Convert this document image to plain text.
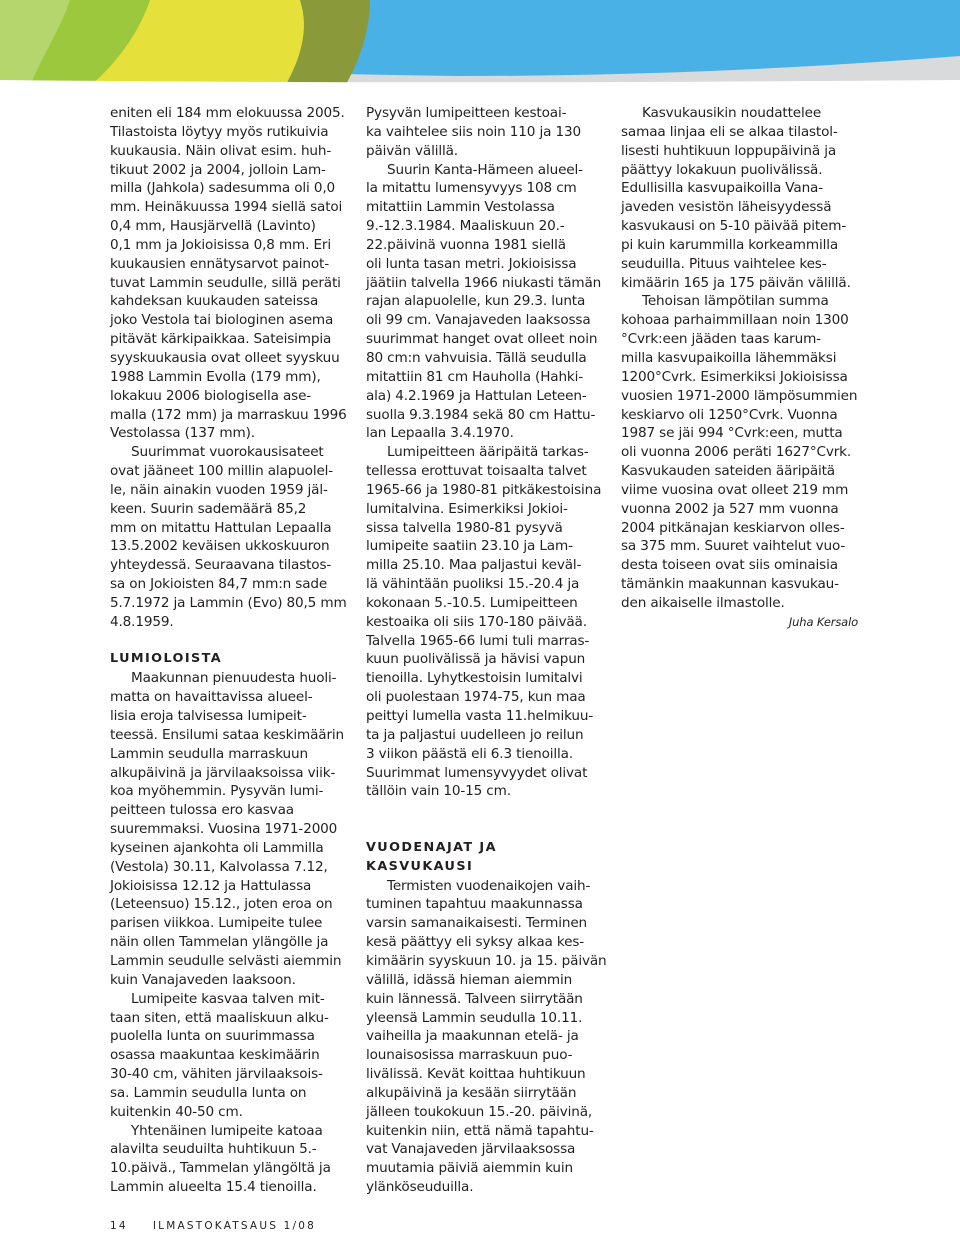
eniten eli 184 mm elokuussa 2005.
Tilastoista löytyy myös rutikuivia
kuukausia. Näin olivat esim. huh-
tikuut 2002 ja 2004, jolloin Lam-
milla (Jahkola) sadesumma oli 0,0
mm. Heinäkuussa 1994 siellä satoi
0,4 mm, Hausjärvellä (Lavinto)
0,1 mm ja Jokioisissa 0,8 mm. Eri
kuukausien ennätysarvot painot-
tuvat Lammin seudulle, sillä peräti
kahdeksan kuukauden sateissa
joko Vestola tai biologinen asema
pitävät kärkipaikkaa. Sateisimpia
syyskuukausia ovat olleet syyskuu
1988 Lammin Evolla (179 mm),
lokakuu 2006 biologisella ase-
malla (172 mm) ja marraskuu 1996
Vestolassa (137 mm).

Suurimmat vuorokausisateet
ovat jääneet 100 millin alapuolel-
le, näin ainakin vuoden 1959 jäl-
keen. Suurin sademäärä 85,2
mm on mitattu Hattulan Lepaalla
13.5.2002 keväisen ukkoskuuron
yhteydessä. Seuraavana tilastos-
sa on Jokioisten 84,7 mm:n sade
5.7.1972 ja Lammin (Evo) 80,5 mm
4.8.1959.

LUMIOLOISTA

Maakunnan pienuudesta huoli-
matta on havaittavissa alueel-
lisia eroja talvisessa lumipeit-
teessä. Ensilumi sataa keskimäärin
Lammin seudulla marraskuun
alkupäivinä ja järvilaaksoissa viik-
koa myöhemmin. Pysyvän lumi-
peitteen tulossa ero kasvaa
suuremmaksi. Vuosina 1971-2000
kyseinen ajankohta oli Lammilla
(Vestola) 30.11, Kalvolassa 7.12,
Jokioisissa 12.12 ja Hattulassa
(Leteensuo) 15.12., joten eroa on
parisen viikkoa. Lumipeite tulee
näin ollen Tammelan ylängölle ja
Lammin seudulle selvästi aiemmin
kuin Vanajaveden laaksoon.

Lumipeite kasvaa talven mit-
taan siten, että maaliskuun alku-
puolella lunta on suurimmassa
osassa maakuntaa keskimäärin
30-40 cm, vähiten järvilaaksois-
sa. Lammin seudulla lunta on
kuitenkin 40-50 cm.

Yhtenäinen lumipeite katoaa
alavilta seuduilta huhtikuun 5.-
10.päivä., Tammelan ylängöltä ja
Lammin alueelta 15.4 tienoilla.

Pysyvän lumipeitteen kestoai-
ka vaihtelee siis noin 110 ja 130
päivän välillä.

Suurin Kanta-Hämeen alueel-
la mitattu lumensyvyys 108 cm
mitattiin Lammin Vestolassa
9.-12.3.1984. Maaliskuun 20.-
22.päivinä vuonna 1981 siellä
oli lunta tasan metri. Jokioisissa
jäätiin talvella 1966 niukasti tämän
rajan alapuolelle, kun 29.3. lunta
oli 99 cm. Vanajaveden laaksossa
suurimmat hanget ovat olleet noin
80 cm:n vahvuisia. Tällä seudulla
mitattiin 81 cm Hauholla (Hahki-
ala) 4.2.1969 ja Hattulan Leteen-
suolla 9.3.1984 sekä 80 cm Hattu-
lan Lepaalla 3.4.1970.

Lumipeitteen ääripäitä tarkas-
tellessa erottuvat toisaalta talvet
1965-66 ja 1980-81 pitkäkestoisina
lumitalvina. Esimerkiksi Jokioi-
sissa talvella 1980-81 pysyvä
lumipeite saatiin 23.10 ja Lam-
milla 25.10. Maa paljastui keväl-
lä vähintään puoliksi 15.-20.4 ja
kokonaan 5.-10.5. Lumipeitteen
kestoaika oli siis 170-180 päivää.
Talvella 1965-66 lumi tuli marras-
kuun puolivälissä ja hävisi vapun
tienoilla. Lyhytkestoisin lumitalvi
oli puolestaan 1974-75, kun maa
peittyi lumella vasta 11.helmikuu-
ta ja paljastui uudelleen jo reilun
3 viikon päästä eli 6.3 tienoilla.
Suurimmat lumensyvyydet olivat
tällöin vain 10-15 cm.

VUODENAJAT JA
KASVUKAUSI

Termisten vuodenaikojen vaih-
tuminen tapahtuu maakunnassa
varsin samanaikaisesti. Terminen
kesä päättyy eli syksy alkaa kes-
kimäärin syyskuun 10. ja 15. päivän
välillä, idässä hieman aiemmin
kuin lännessä. Talveen siirrytään
yleensä Lammin seudulla 10.11.
vaiheilla ja maakunnan etelä- ja
lounaisosissa marraskuun puo-
livälissä. Kevät koittaa huhtikuun
alkupäivinä ja kesään siirrytään
jälleen toukokuun 15.-20. päivinä,
kuitenkin niin, että nämä tapahtu-
vat Vanajaveden järvilaaksossa
muutamia päiviä aiemmin kuin
ylänköseuduilla.

Kasvukausikin noudattelee
samaa linjaa eli se alkaa tilastol-
lisesti huhtikuun loppupäivinä ja
päättyy lokakuun puolivälissä.
Edullisilla kasvupaikoilla Vana-
javeden vesistön läheisyydessä
kasvukausi on 5-10 päivää pitem-
pi kuin karummilla korkeammilla
seuduilla. Pituus vaihtelee kes-
kimäärin 165 ja 175 päivän välillä.

Tehoisan lämpötilan summa
kohoaa parhaimmillaan noin 1300
°Cvrk:een jääden taas karum-
milla kasvupaikoilla lähemmäksi
1200°Cvrk. Esimerkiksi Jokioisissa
vuosien 1971-2000 lämpösummien
keskiarvo oli 1250°Cvrk. Vuonna
1987 se jäi 994 °Cvrk:een, mutta
oli vuonna 2006 peräti 1627°Cvrk.
Kasvukauden sateiden ääripäitä
viime vuosina ovat olleet 219 mm
vuonna 2002 ja 527 mm vuonna
2004 pitkänajan keskiarvon olles-
sa 375 mm. Suuret vaihtelut vuo-
desta toiseen ovat siis ominaisia
tämänkin maakunnan kasvukau-
den aikaiselle ilmastolle.

Juha Kersalo

14 ILMASTOKATSAUS 1/08
